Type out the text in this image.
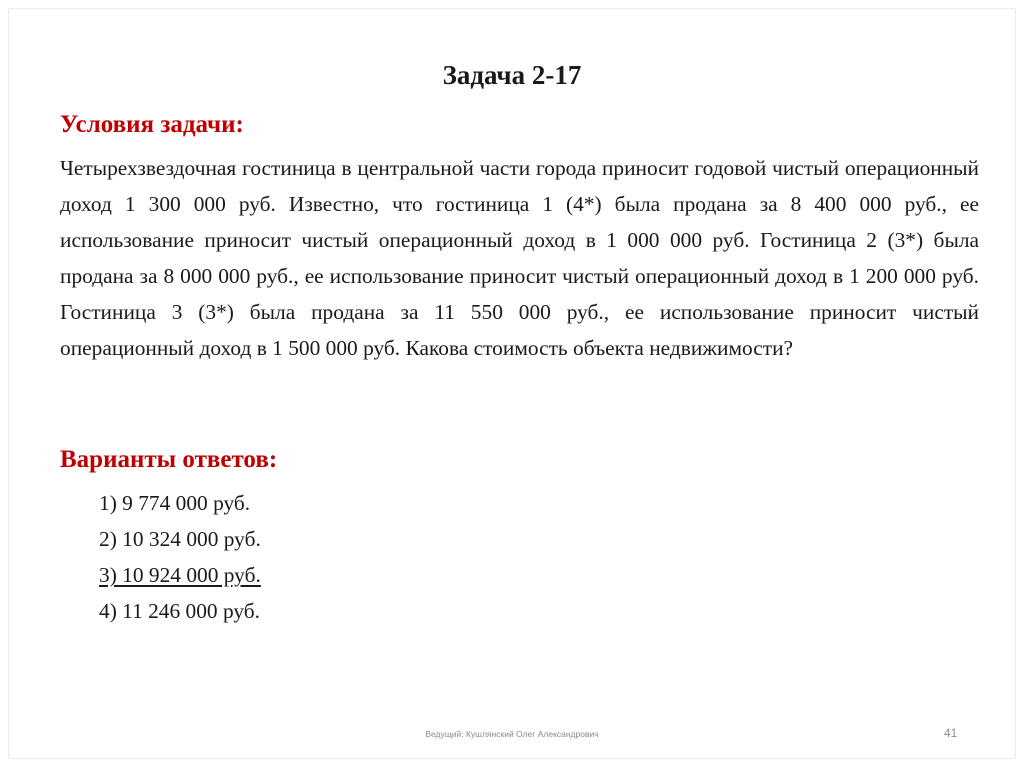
Задача 2-17
Условия задачи:

Четырехзвездочная гостиница в центральной части города приносит годовой чистый операционный доход 1 300 000 руб. Известно, что гостиница 1 (4*) была продана за 8 400 000 руб., ее использование приносит чистый операционный доход в 1 000 000 руб. Гостиница 2 (3*) была продана за 8 000 000 руб., ее использование приносит чистый операционный доход в 1 200 000 руб. Гостиница 3 (3*) была продана за 11 550 000 руб., ее использование приносит чистый операционный доход в 1 500 000 руб. Какова стоимость объекта недвижимости?

Варианты ответов:
1) 9 774 000 руб.
2) 10 324 000 руб.
3) 10 924 000 руб.
4) 11 246 000 руб.
Ведущий: Кушлянский Олег Александрович	41
